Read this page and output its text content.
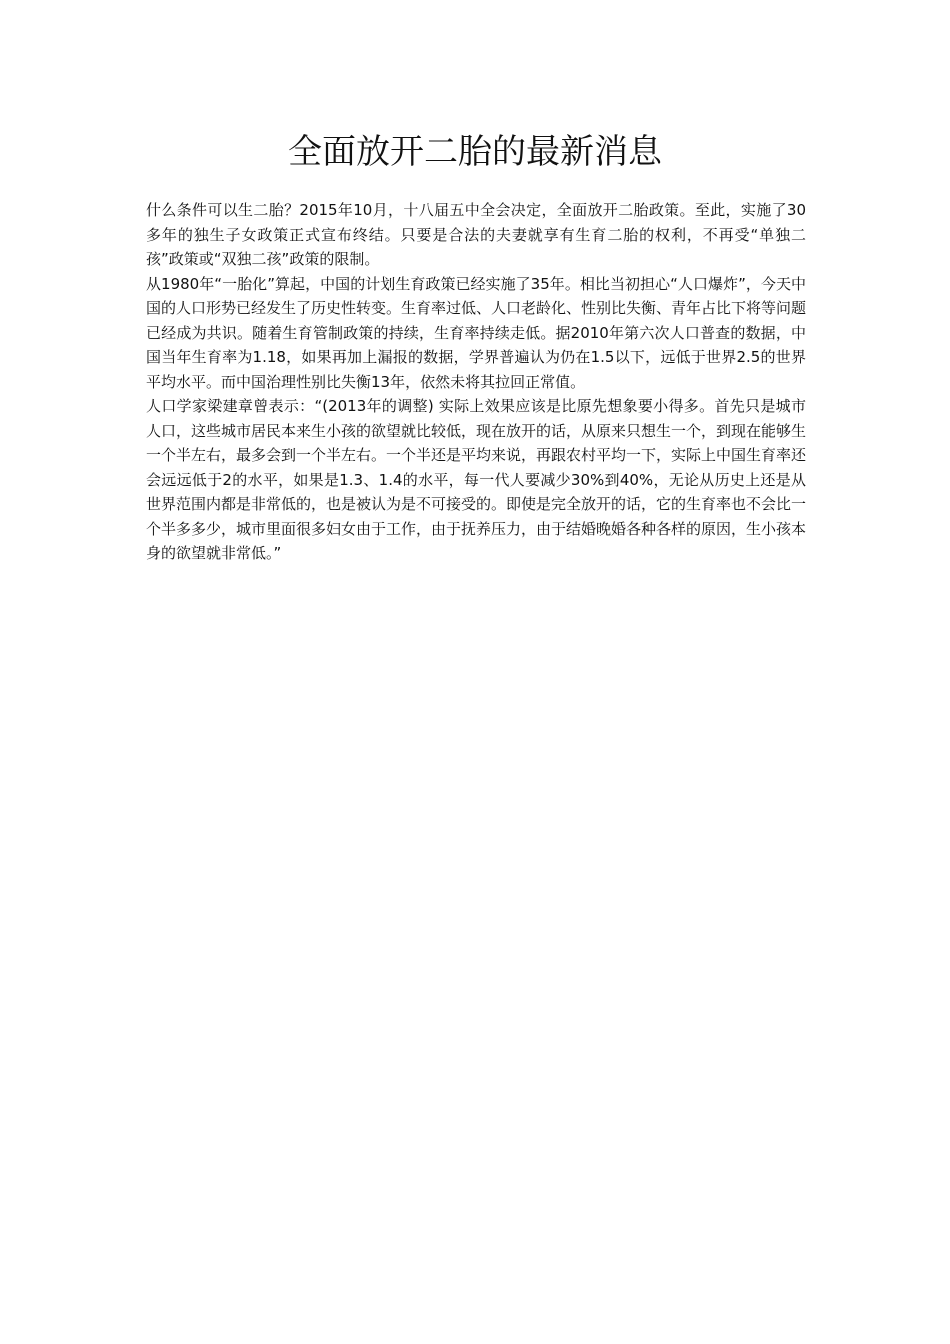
全面放开二胎的最新消息

什么条件可以生二胎？2015年10月，十八届五中全会决定，全面放开二胎政策。至此，实施了30多年的独生子女政策正式宣布终结。只要是合法的夫妻就享有生育二胎的权利，不再受“单独二孩”政策或“双独二孩”政策的限制。

从1980年“一胎化”算起，中国的计划生育政策已经实施了35年。相比当初担心“人口爆炸”，今天中国的人口形势已经发生了历史性转变。生育率过低、人口老龄化、性别比失衡、青年占比下将等问题已经成为共识。随着生育管制政策的持续，生育率持续走低。据2010年第六次人口普查的数据，中国当年生育率为1.18，如果再加上漏报的数据，学界普遍认为仍在1.5以下，远低于世界2.5的世界平均水平。而中国治理性别比失衡13年，依然未将其拉回正常值。

人口学家梁建章曾表示：“(2013年的调整) 实际上效果应该是比原先想象要小得多。首先只是城市人口，这些城市居民本来生小孩的欲望就比较低，现在放开的话，从原来只想生一个，到现在能够生一个半左右，最多会到一个半左右。一个半还是平均来说，再跟农村平均一下，实际上中国生育率还会远远低于2的水平，如果是1.3、1.4的水平，每一代人要减少30%到40%，无论从历史上还是从世界范围内都是非常低的，也是被认为是不可接受的。即使是完全放开的话，它的生育率也不会比一个半多多少，城市里面很多妇女由于工作，由于抚养压力，由于结婚晚婚各种各样的原因，生小孩本身的欲望就非常低。”
